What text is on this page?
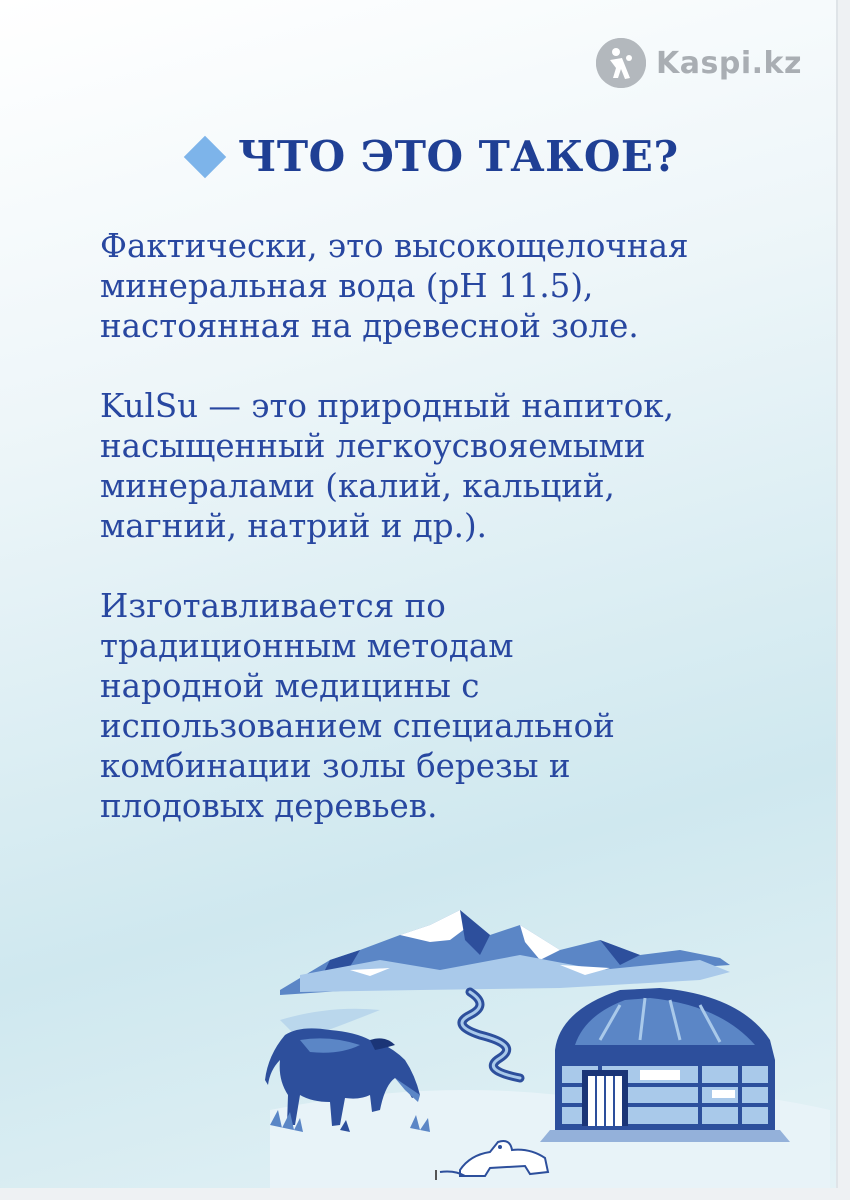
Kaspi.kz
ЧТО ЭТО ТАКОЕ?

Фактически, это высокощелочная
минеральная вода (pH 11.5),
настоянная на древесной золе.

KulSu — это природный напиток,
насыщенный легкоусвояемыми
минералами (калий, кальций,
магний, натрий и др.).

Изготавливается по
традиционным методам
народной медицины с
использованием специальной
комбинации золы березы и
плодовых деревьев.
